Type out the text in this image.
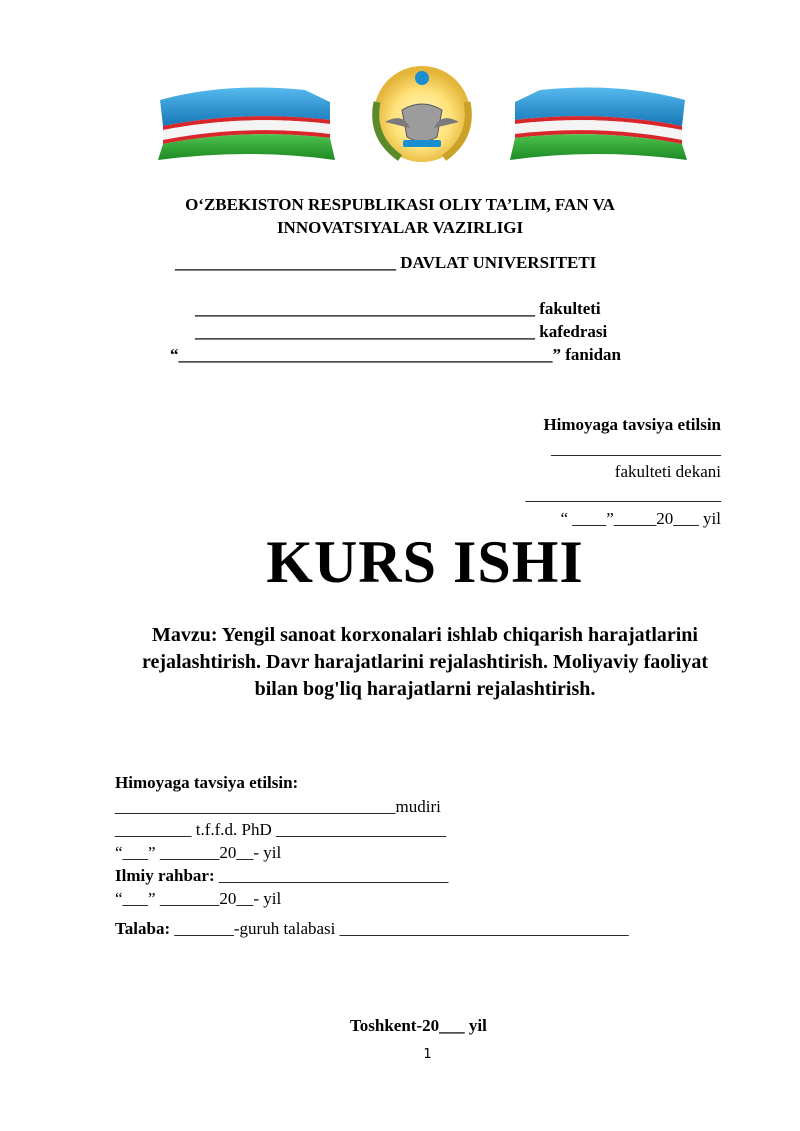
O‘ZBEKISTON RESPUBLIKASI OLIY TA’LIM, FAN VA
INNOVATSIYALAR VAZIRLIGI
__________________________ DAVLAT UNIVERSITETI
________________________________________ fakulteti
________________________________________ kafedrasi
“____________________________________________” fanidan
Himoyaga tavsiya etilsin
____________________
fakulteti dekani
_______________________
“ ____”_____20___ yil
KURS ISHI
Mavzu: Yengil sanoat korxonalari ishlab chiqarish harajatlarini
rejalashtirish. Davr harajatlarini rejalashtirish. Moliyaviy faoliyat
bilan bog'liq harajatlarni rejalashtirish.
Himoyaga tavsiya etilsin:
_________________________________mudiri
_________ t.f.f.d. PhD ____________________
“___” _______20__- yil
Ilmiy rahbar: ___________________________
“___” _______20__- yil
Talaba: _______-guruh talabasi __________________________________
Toshkent-20___ yil
1
